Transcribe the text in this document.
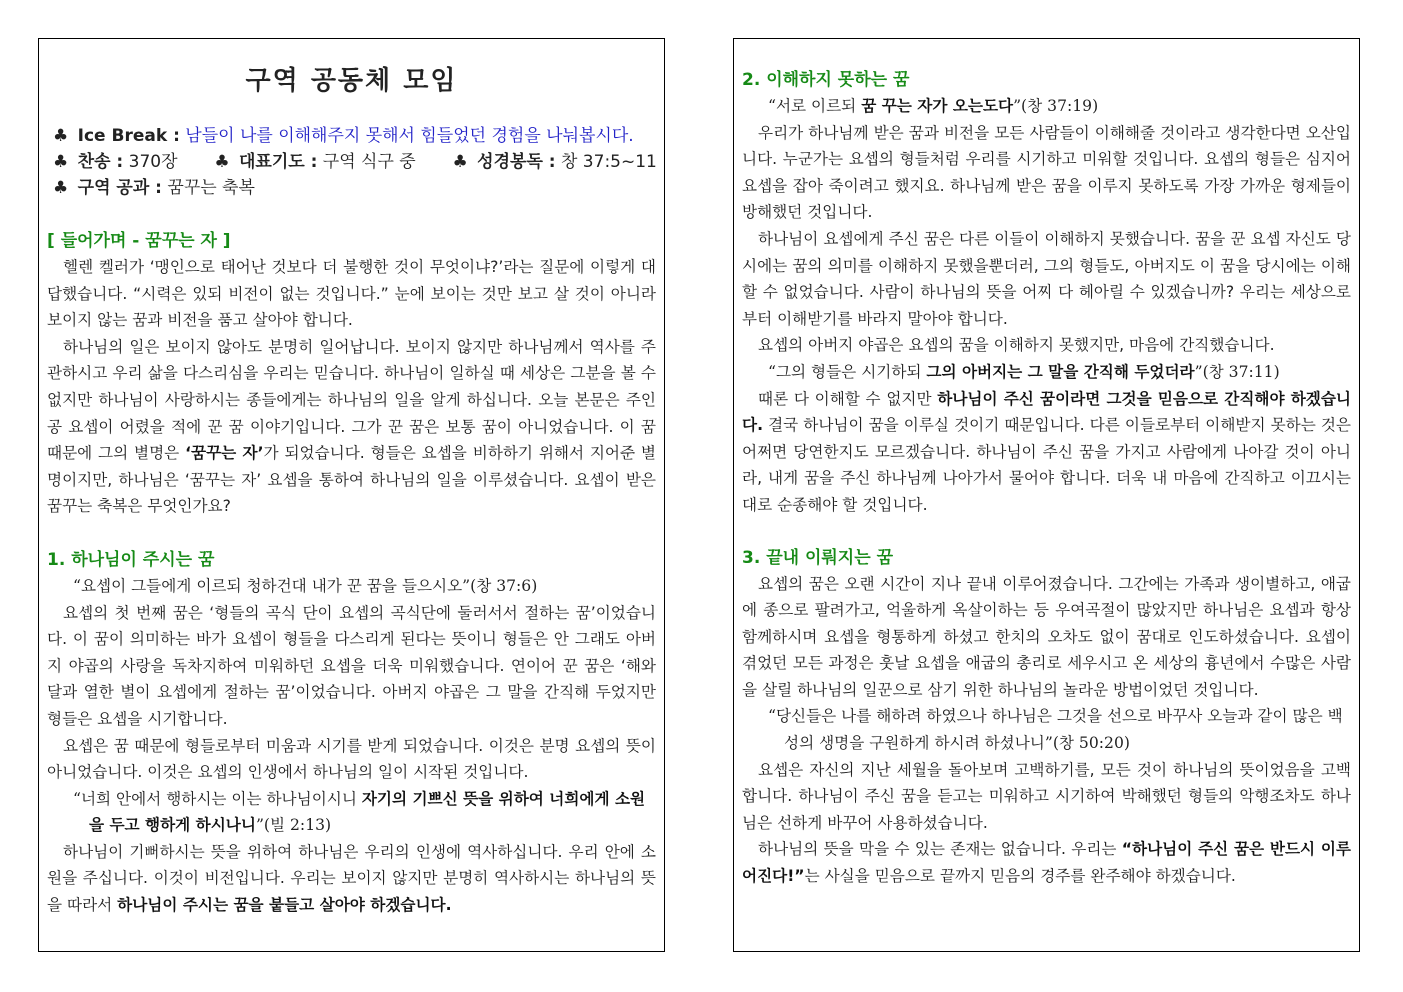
구역 공동체 모임
♣ Ice Break : 남들이 나를 이해해주지 못해서 힘들었던 경험을 나눠봅시다.
♣ 찬송 : 370장 ♣ 대표기도 : 구역 식구 중 ♣ 성경봉독 : 창 37:5~11
♣ 구역 공과 : 꿈꾸는 축복

[ 들어가며 - 꿈꾸는 자 ]

헬렌 켈러가 ‘맹인으로 태어난 것보다 더 불행한 것이 무엇이냐?’라는 질문에 이렇게 대답했습니다. “시력은 있되 비전이 없는 것입니다.” 눈에 보이는 것만 보고 살 것이 아니라 보이지 않는 꿈과 비전을 품고 살아야 합니다.

하나님의 일은 보이지 않아도 분명히 일어납니다. 보이지 않지만 하나님께서 역사를 주관하시고 우리 삶을 다스리심을 우리는 믿습니다. 하나님이 일하실 때 세상은 그분을 볼 수 없지만 하나님이 사랑하시는 종들에게는 하나님의 일을 알게 하십니다. 오늘 본문은 주인공 요셉이 어렸을 적에 꾼 꿈 이야기입니다. 그가 꾼 꿈은 보통 꿈이 아니었습니다. 이 꿈 때문에 그의 별명은 ‘꿈꾸는 자’가 되었습니다. 형들은 요셉을 비하하기 위해서 지어준 별명이지만, 하나님은 ‘꿈꾸는 자’ 요셉을 통하여 하나님의 일을 이루셨습니다. 요셉이 받은 꿈꾸는 축복은 무엇인가요?

1. 하나님이 주시는 꿈

“요셉이 그들에게 이르되 청하건대 내가 꾼 꿈을 들으시오”(창 37:6)

요셉의 첫 번째 꿈은 ‘형들의 곡식 단이 요셉의 곡식단에 둘러서서 절하는 꿈’이었습니다. 이 꿈이 의미하는 바가 요셉이 형들을 다스리게 된다는 뜻이니 형들은 안 그래도 아버지 야곱의 사랑을 독차지하여 미워하던 요셉을 더욱 미워했습니다. 연이어 꾼 꿈은 ‘해와 달과 열한 별이 요셉에게 절하는 꿈’이었습니다. 아버지 야곱은 그 말을 간직해 두었지만 형들은 요셉을 시기합니다.

요셉은 꿈 때문에 형들로부터 미움과 시기를 받게 되었습니다. 이것은 분명 요셉의 뜻이 아니었습니다. 이것은 요셉의 인생에서 하나님의 일이 시작된 것입니다.

“너희 안에서 행하시는 이는 하나님이시니 자기의 기쁘신 뜻을 위하여 너희에게 소원을 두고 행하게 하시나니”(빌 2:13)

하나님이 기뻐하시는 뜻을 위하여 하나님은 우리의 인생에 역사하십니다. 우리 안에 소원을 주십니다. 이것이 비전입니다. 우리는 보이지 않지만 분명히 역사하시는 하나님의 뜻을 따라서 하나님이 주시는 꿈을 붙들고 살아야 하겠습니다.

2. 이해하지 못하는 꿈

“서로 이르되 꿈 꾸는 자가 오는도다”(창 37:19)

우리가 하나님께 받은 꿈과 비전을 모든 사람들이 이해해줄 것이라고 생각한다면 오산입니다. 누군가는 요셉의 형들처럼 우리를 시기하고 미워할 것입니다. 요셉의 형들은 심지어 요셉을 잡아 죽이려고 했지요. 하나님께 받은 꿈을 이루지 못하도록 가장 가까운 형제들이 방해했던 것입니다.

하나님이 요셉에게 주신 꿈은 다른 이들이 이해하지 못했습니다. 꿈을 꾼 요셉 자신도 당시에는 꿈의 의미를 이해하지 못했을뿐더러, 그의 형들도, 아버지도 이 꿈을 당시에는 이해할 수 없었습니다. 사람이 하나님의 뜻을 어찌 다 헤아릴 수 있겠습니까? 우리는 세상으로부터 이해받기를 바라지 말아야 합니다.

요셉의 아버지 야곱은 요셉의 꿈을 이해하지 못했지만, 마음에 간직했습니다.

“그의 형들은 시기하되 그의 아버지는 그 말을 간직해 두었더라”(창 37:11)

때론 다 이해할 수 없지만 하나님이 주신 꿈이라면 그것을 믿음으로 간직해야 하겠습니다. 결국 하나님이 꿈을 이루실 것이기 때문입니다. 다른 이들로부터 이해받지 못하는 것은 어쩌면 당연한지도 모르겠습니다. 하나님이 주신 꿈을 가지고 사람에게 나아갈 것이 아니라, 내게 꿈을 주신 하나님께 나아가서 물어야 합니다. 더욱 내 마음에 간직하고 이끄시는 대로 순종해야 할 것입니다.

3. 끝내 이뤄지는 꿈

요셉의 꿈은 오랜 시간이 지나 끝내 이루어졌습니다. 그간에는 가족과 생이별하고, 애굽에 종으로 팔려가고, 억울하게 옥살이하는 등 우여곡절이 많았지만 하나님은 요셉과 항상 함께하시며 요셉을 형통하게 하셨고 한치의 오차도 없이 꿈대로 인도하셨습니다. 요셉이 겪었던 모든 과정은 훗날 요셉을 애굽의 총리로 세우시고 온 세상의 흉년에서 수많은 사람을 살릴 하나님의 일꾼으로 삼기 위한 하나님의 놀라운 방법이었던 것입니다.

“당신들은 나를 해하려 하였으나 하나님은 그것을 선으로 바꾸사 오늘과 같이 많은 백성의 생명을 구원하게 하시려 하셨나니”(창 50:20)

요셉은 자신의 지난 세월을 돌아보며 고백하기를, 모든 것이 하나님의 뜻이었음을 고백합니다. 하나님이 주신 꿈을 듣고는 미워하고 시기하여 박해했던 형들의 악행조차도 하나님은 선하게 바꾸어 사용하셨습니다.

하나님의 뜻을 막을 수 있는 존재는 없습니다. 우리는 “하나님이 주신 꿈은 반드시 이루어진다!”는 사실을 믿음으로 끝까지 믿음의 경주를 완주해야 하겠습니다.
